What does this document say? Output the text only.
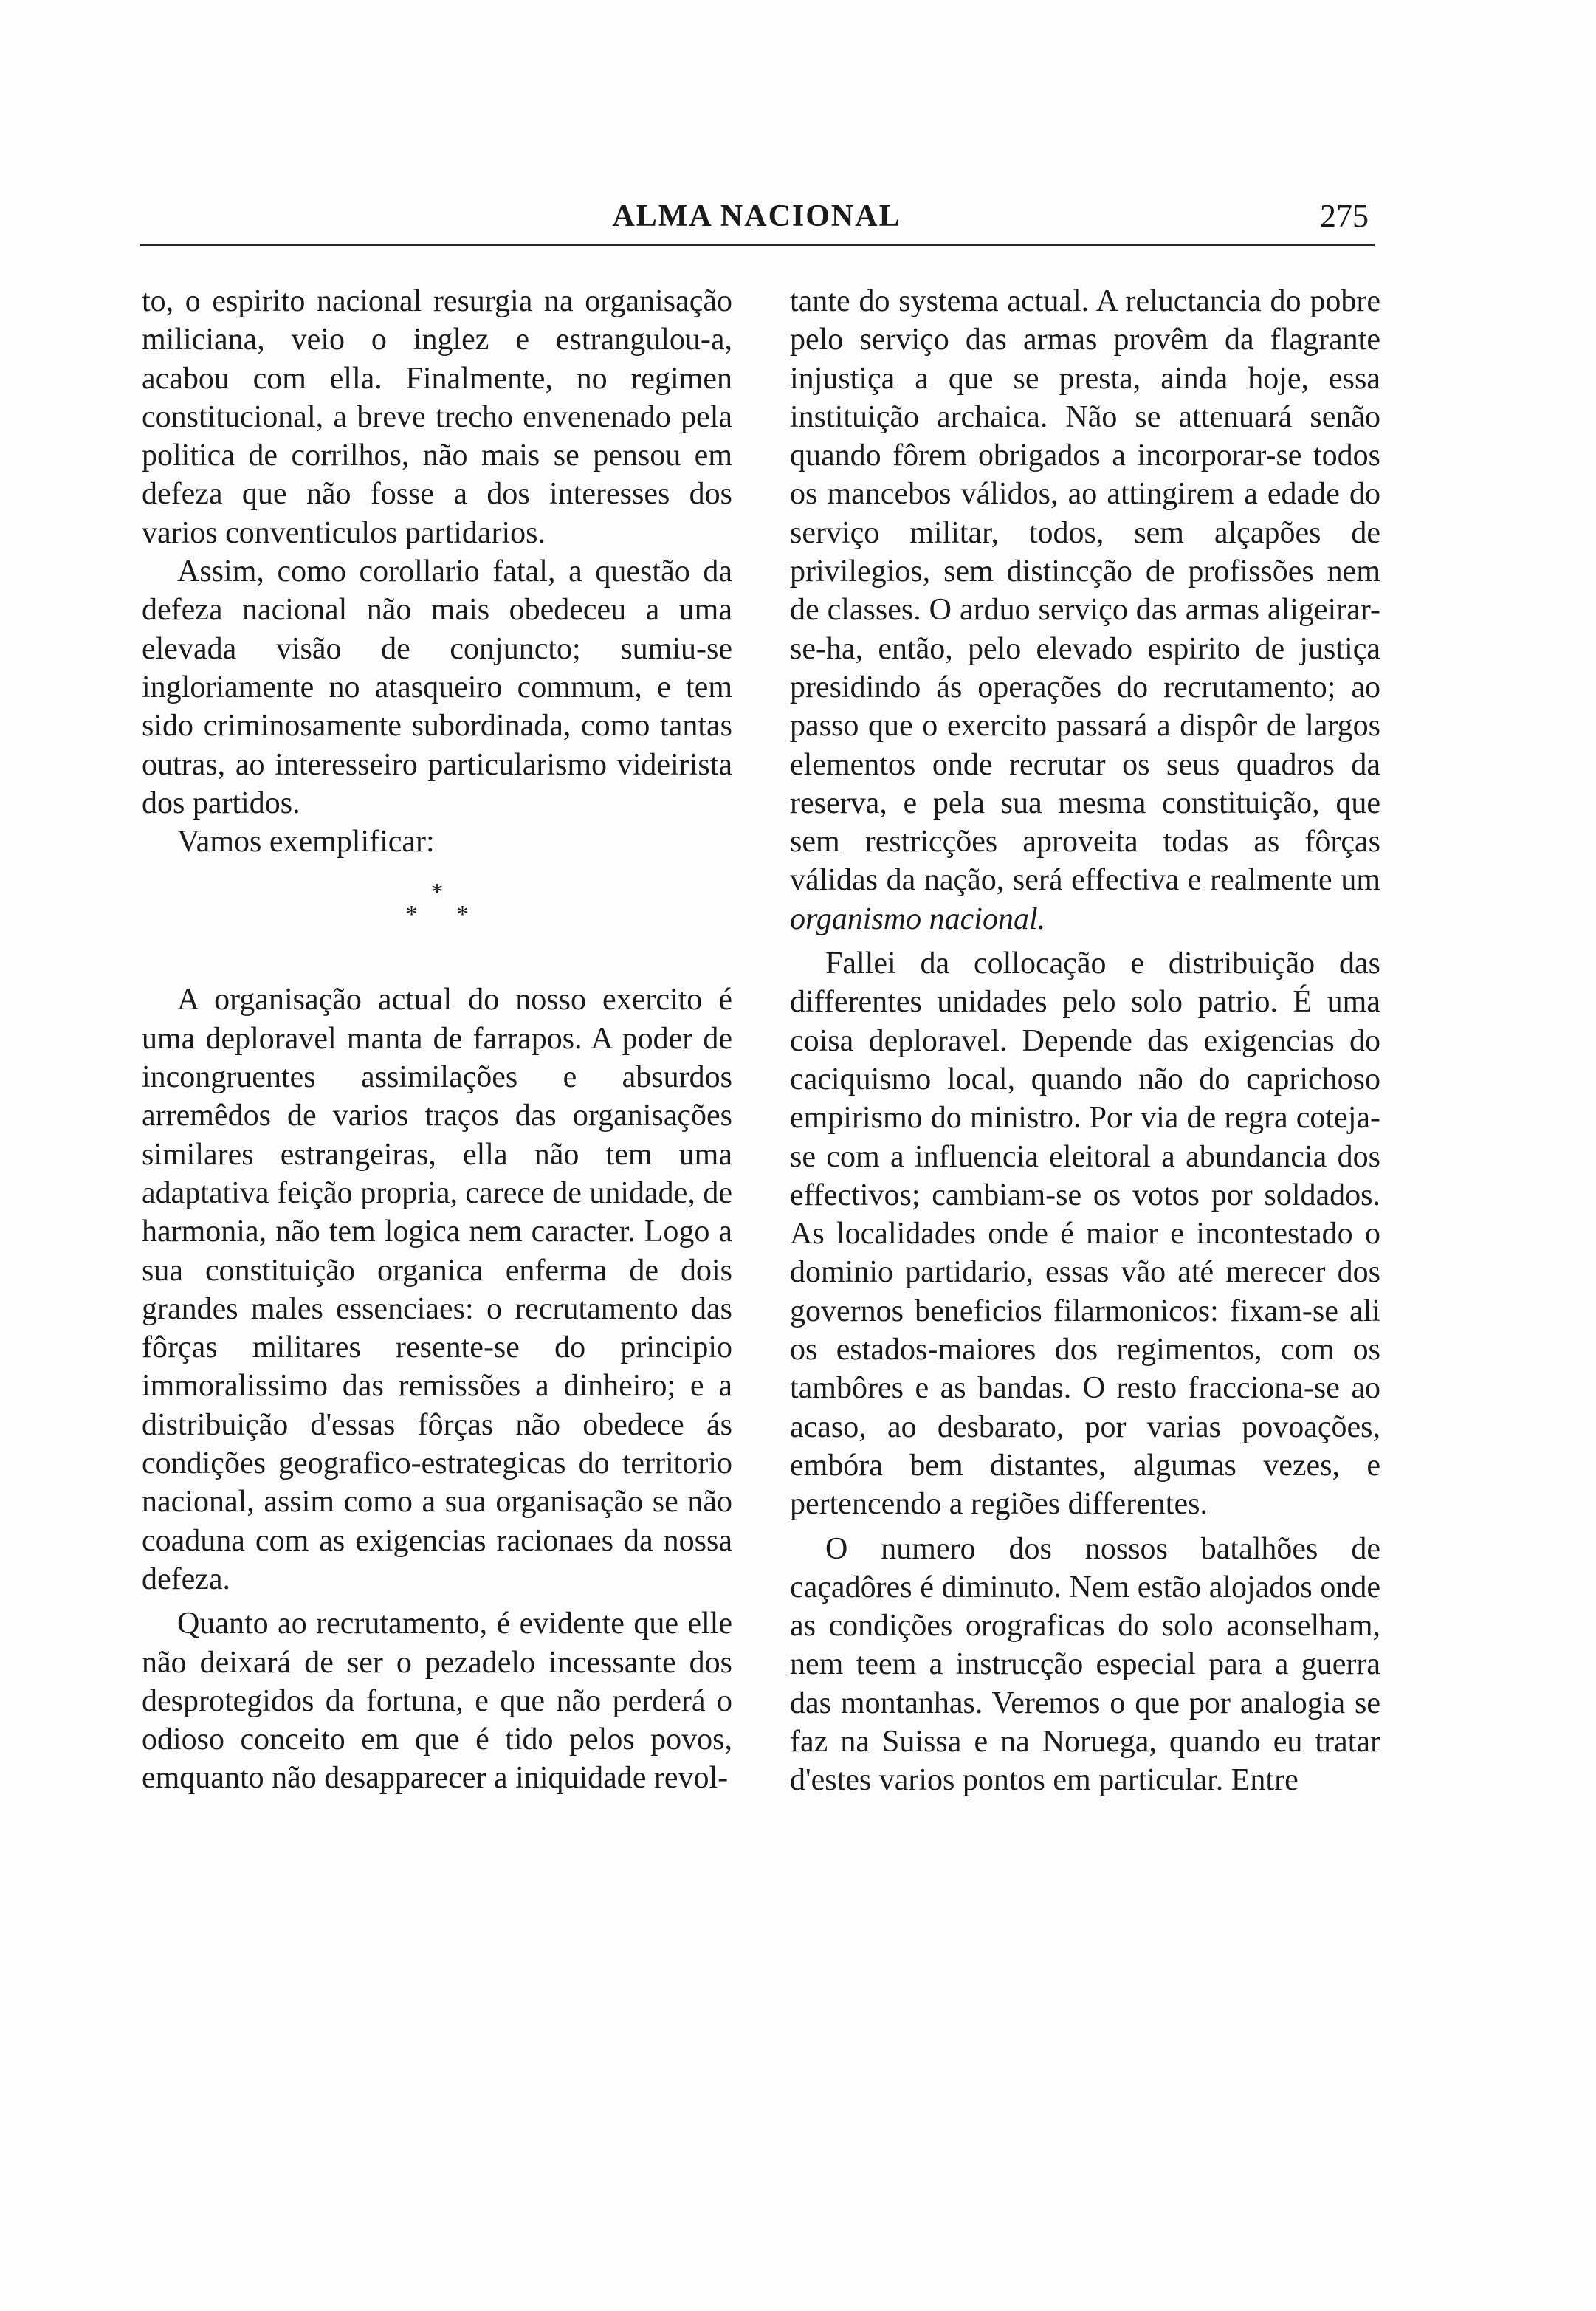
ALMA NACIONAL	275

to, o espirito nacional resurgia na organisação miliciana, veio o inglez e estrangulou-a, acabou com ella. Finalmente, no regimen constitucional, a breve trecho envenenado pela politica de corrilhos, não mais se pensou em defeza que não fosse a dos interesses dos varios conventiculos partidarios.

Assim, como corollario fatal, a questão da defeza nacional não mais obedeceu a uma elevada visão de conjuncto; sumiu-se ingloriamente no atasqueiro commum, e tem sido criminosamente subordinada, como tantas outras, ao interesseiro particularismo videirista dos partidos.

Vamos exemplificar:

*
* *

A organisação actual do nosso exercito é uma deploravel manta de farrapos. A poder de incongruentes assimilações e absurdos arremêdos de varios traços das organisações similares estrangeiras, ella não tem uma adaptativa feição propria, carece de unidade, de harmonia, não tem logica nem caracter. Logo a sua constituição organica enferma de dois grandes males essenciaes: o recrutamento das fôrças militares resente-se do principio immoralissimo das remissões a dinheiro; e a distribuição d'essas fôrças não obedece ás condições geografico-estrategicas do territorio nacional, assim como a sua organisação se não coaduna com as exigencias racionaes da nossa defeza.

Quanto ao recrutamento, é evidente que elle não deixará de ser o pezadelo incessante dos desprotegidos da fortuna, e que não perderá o odioso conceito em que é tido pelos povos, emquanto não desapparecer a iniquidade revol-

tante do systema actual. A reluctancia do pobre pelo serviço das armas provêm da flagrante injustiça a que se presta, ainda hoje, essa instituição archaica. Não se attenuará senão quando fôrem obrigados a incorporar-se todos os mancebos válidos, ao attingirem a edade do serviço militar, todos, sem alçapões de privilegios, sem distincção de profissões nem de classes. O arduo serviço das armas aligeirar-se-ha, então, pelo elevado espirito de justiça presidindo ás operações do recrutamento; ao passo que o exercito passará a dispôr de largos elementos onde recrutar os seus quadros da reserva, e pela sua mesma constituição, que sem restricções aproveita todas as fôrças válidas da nação, será effectiva e realmente um organismo nacional.

Fallei da collocação e distribuição das differentes unidades pelo solo patrio. É uma coisa deploravel. Depende das exigencias do caciquismo local, quando não do caprichoso empirismo do ministro. Por via de regra coteja-se com a influencia eleitoral a abundancia dos effectivos; cambiam-se os votos por soldados. As localidades onde é maior e incontestado o dominio partidario, essas vão até merecer dos governos beneficios filarmonicos: fixam-se ali os estados-maiores dos regimentos, com os tambôres e as bandas. O resto fracciona-se ao acaso, ao desbarato, por varias povoações, embóra bem distantes, algumas vezes, e pertencendo a regiões differentes.

O numero dos nossos batalhões de caçadôres é diminuto. Nem estão alojados onde as condições orograficas do solo aconselham, nem teem a instrucção especial para a guerra das montanhas. Veremos o que por analogia se faz na Suissa e na Noruega, quando eu tratar d'estes varios pontos em particular. Entre
